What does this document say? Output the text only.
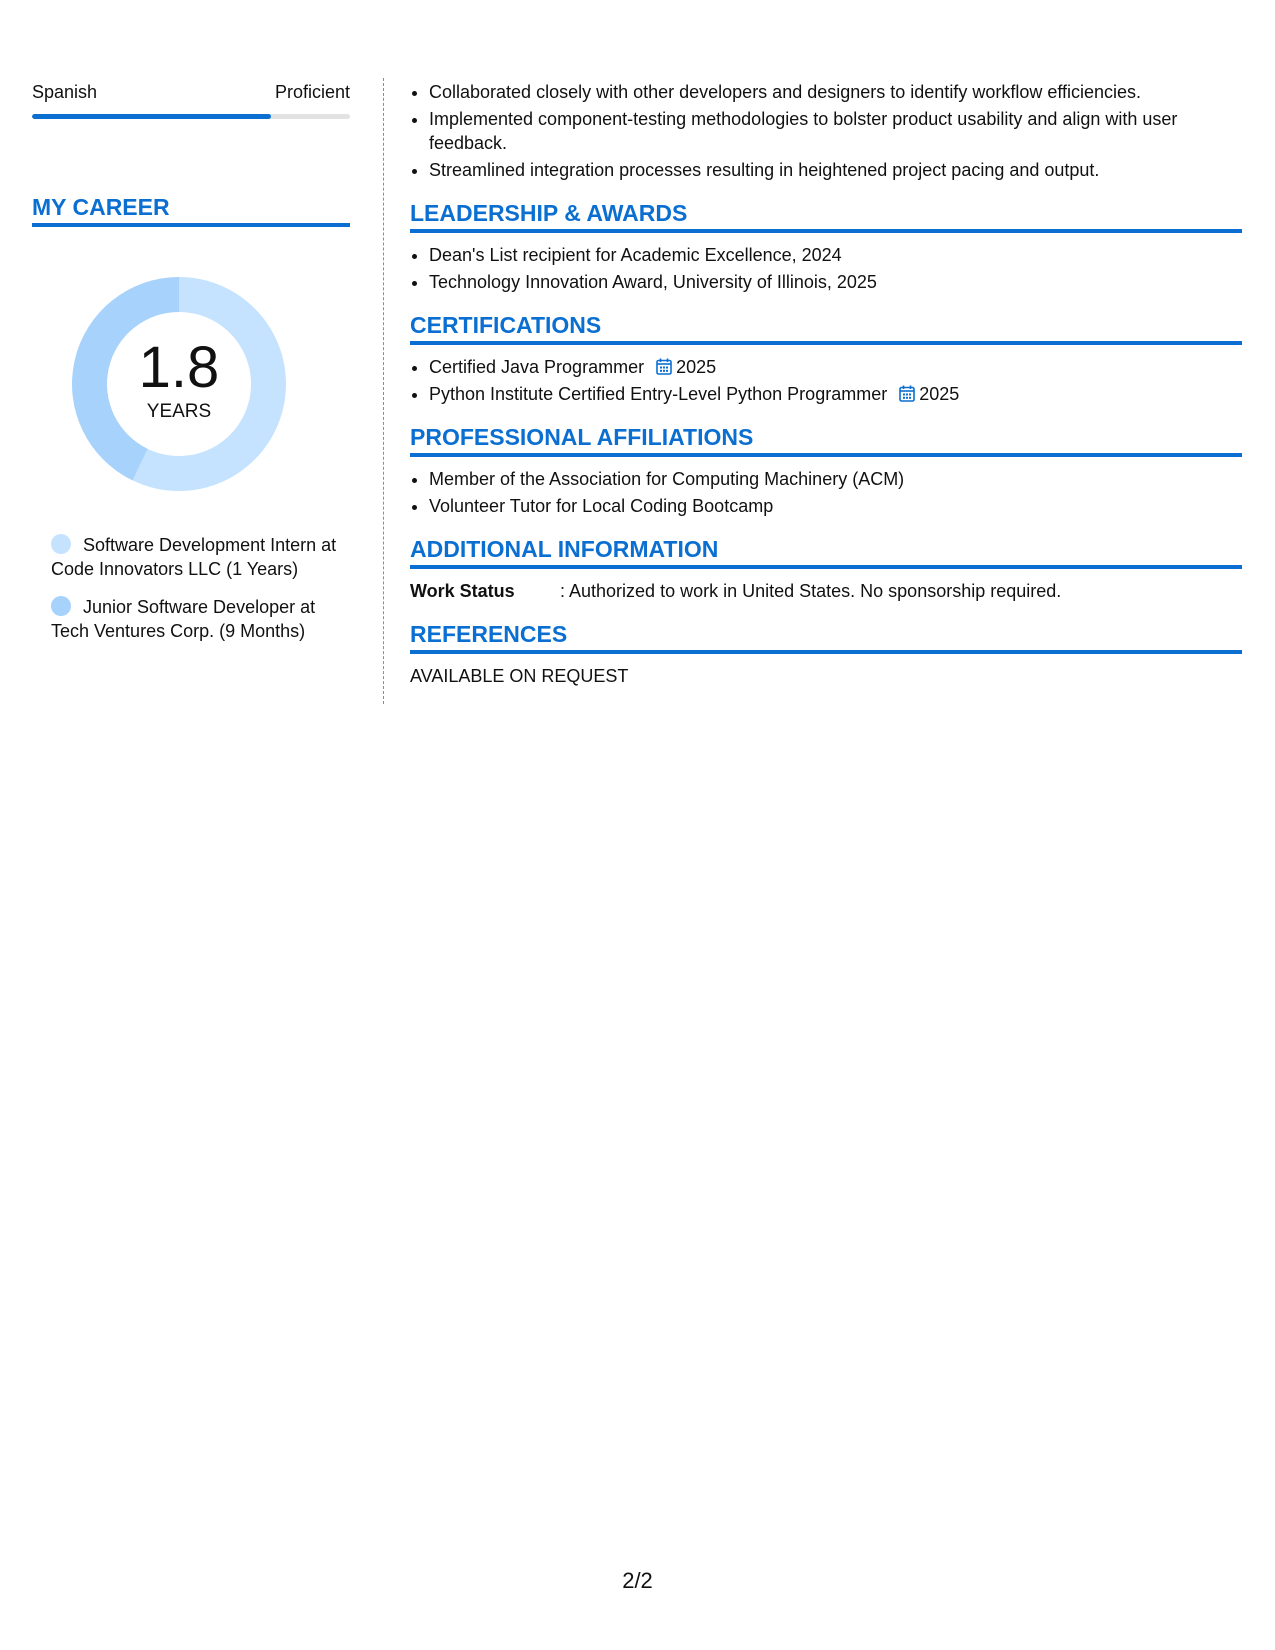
Spanish	Proficient
MY CAREER
1.8
YEARS
Software Development Intern at Code Innovators LLC (1 Years)
Junior Software Developer at Tech Ventures Corp. (9 Months)
• Collaborated closely with other developers and designers to identify workflow efficiencies.
• Implemented component-testing methodologies to bolster product usability and align with user feedback.
• Streamlined integration processes resulting in heightened project pacing and output.
LEADERSHIP & AWARDS
• Dean's List recipient for Academic Excellence, 2024
• Technology Innovation Award, University of Illinois, 2025
CERTIFICATIONS
• Certified Java Programmer 2025
• Python Institute Certified Entry-Level Python Programmer 2025
PROFESSIONAL AFFILIATIONS
• Member of the Association for Computing Machinery (ACM)
• Volunteer Tutor for Local Coding Bootcamp
ADDITIONAL INFORMATION
Work Status	: Authorized to work in United States. No sponsorship required.
REFERENCES
AVAILABLE ON REQUEST
2/2
